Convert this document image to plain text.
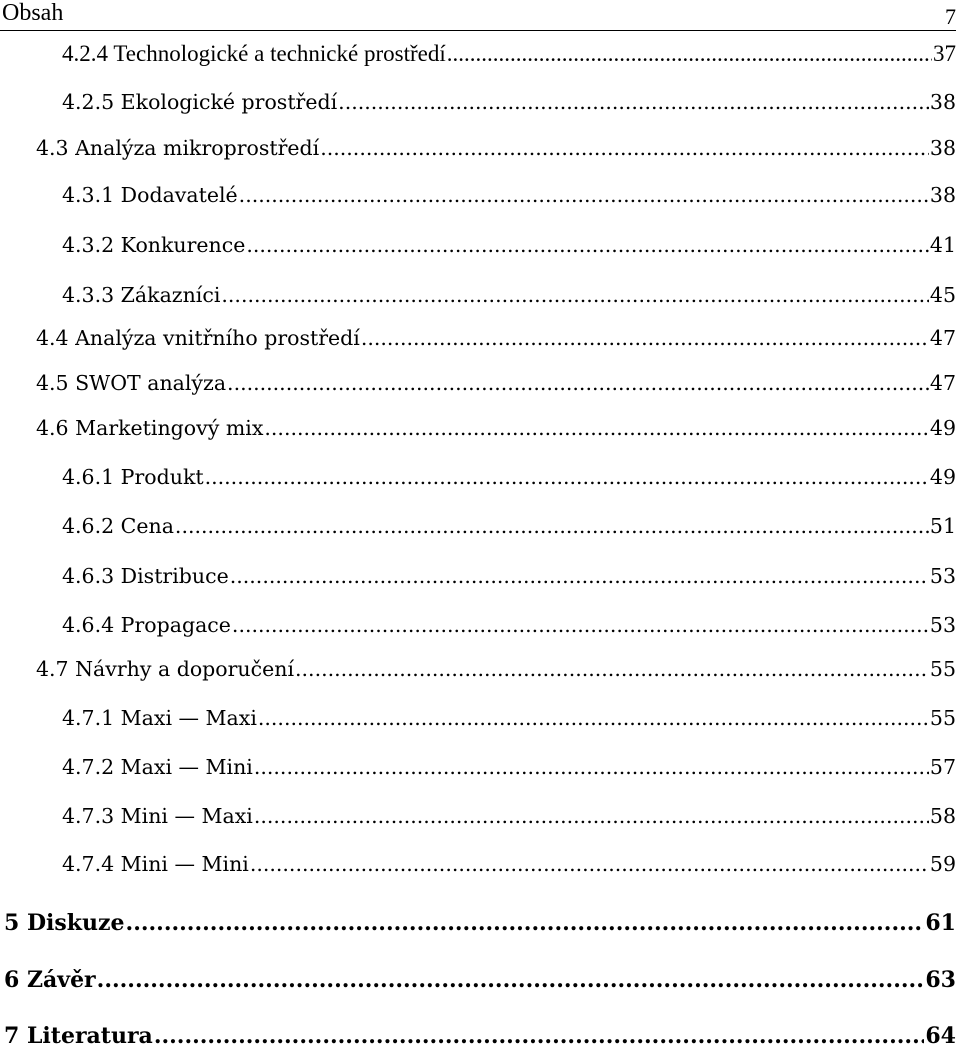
Obsah	7
4.2.4 Technologické a technické prostředí .....	37
4.2.5 Ekologické prostředí .....	38
4.3 Analýza mikroprostředí .....	38
4.3.1 Dodavatelé .....	38
4.3.2 Konkurence .....	41
4.3.3 Zákazníci .....	45
4.4 Analýza vnitřního prostředí .....	47
4.5 SWOT analýza .....	47
4.6 Marketingový mix .....	49
4.6.1 Produkt .....	49
4.6.2 Cena .....	51
4.6.3 Distribuce .....	53
4.6.4 Propagace .....	53
4.7 Návrhy a doporučení .....	55
4.7.1 Maxi — Maxi .....	55
4.7.2 Maxi — Mini .....	57
4.7.3 Mini — Maxi .....	58
4.7.4 Mini — Mini .....	59
5 Diskuze .....	61
6 Závěr .....	63
7 Literatura .....	64
